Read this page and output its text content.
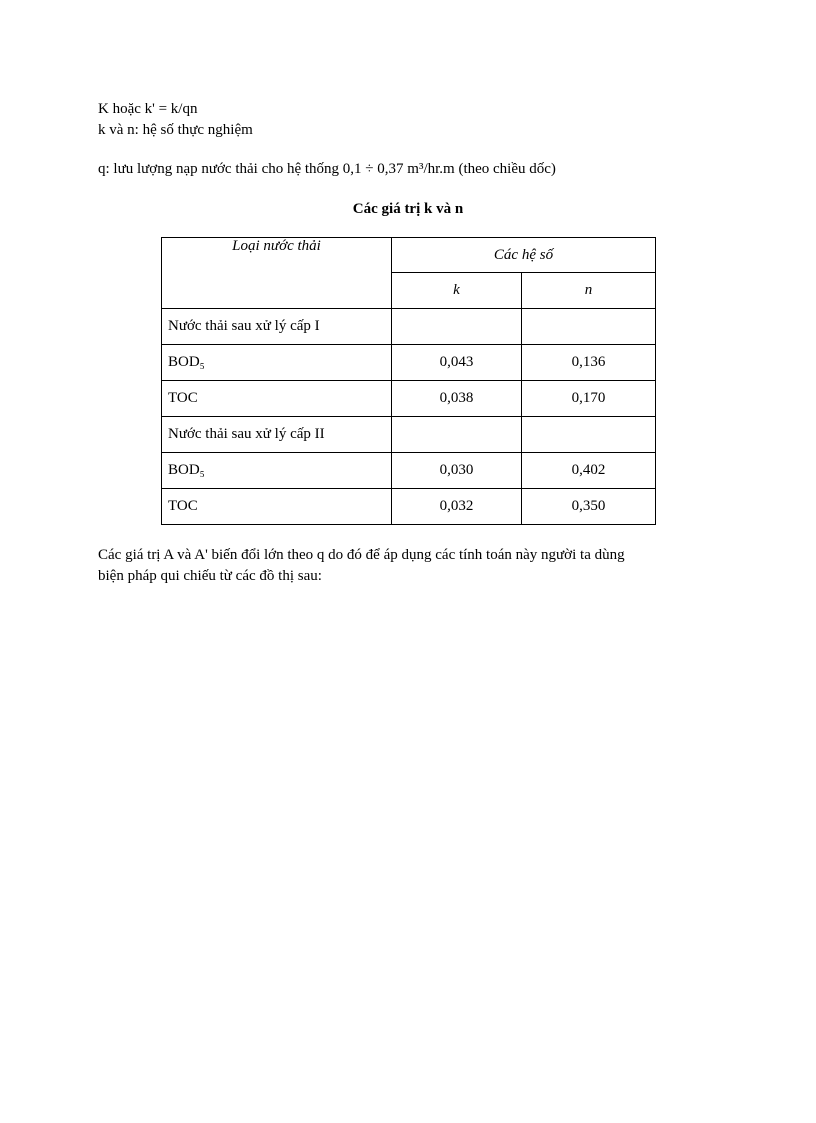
K hoặc k' = k/qn
k và n: hệ số thực nghiệm
q: lưu lượng nạp nước thải cho hệ thống 0,1 ÷ 0,37 m³/hr.m (theo chiều dốc)
Các giá trị k và n
Loại nước thải	Các hệ số	
	k	n
Nước thải sau xử lý cấp I		
BOD₅	0,043	0,136
TOC	0,038	0,170
Nước thải sau xử lý cấp II		
BOD₅	0,030	0,402
TOC	0,032	0,350
Các giá trị A và A' biến đổi lớn theo q do đó để áp dụng các tính toán này người ta dùng
biện pháp qui chiếu từ các đồ thị sau:
